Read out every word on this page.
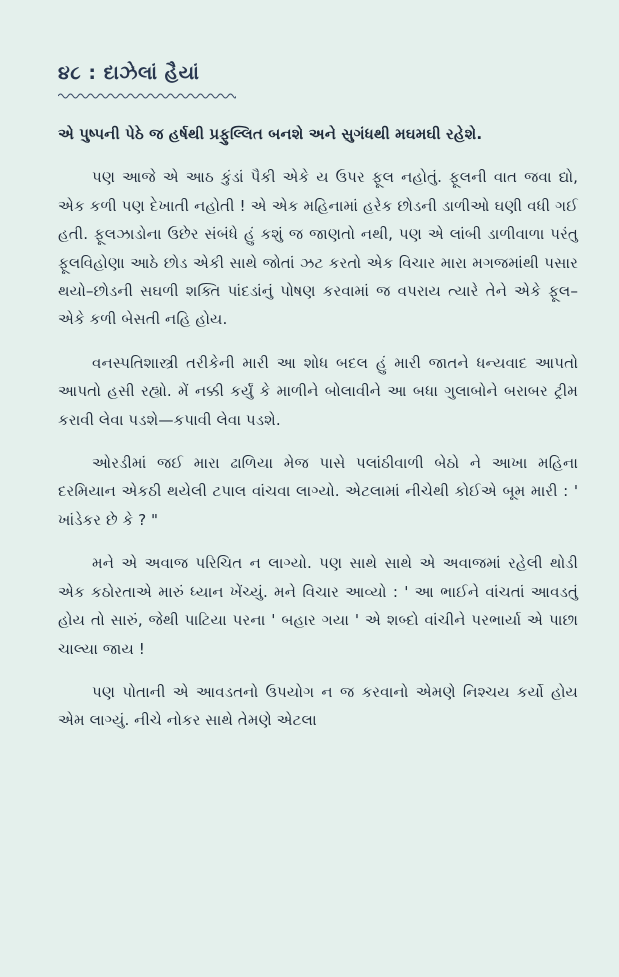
૪૮ : દાઝેલાં હૈયાં

એ પુષ્પની પેઠે જ હર્ષથી પ્રફુલ્લિત બનશે અને સુગંધથી મઘમઘી રહેશે.

પણ આજે એ આઠ કુંડાં પૈકી એકે ય ઉપર ફૂલ નહોતું. ફૂલની વાત જવા દ્યો, એક કળી પણ દેખાતી નહોતી ! એ એક મહિનામાં હરેક છોડની ડાળીઓ ઘણી વધી ગઈ હતી. ફૂલઝાડોના ઉછેર સંબંધે હું કશું જ જાણતો નથી, પણ એ લાંબી ડાળીવાળા પરંતુ ફૂલવિહોણા આઠે છોડ એકી સાથે જોતાં ઝટ કરતો એક વિચાર મારા મગજમાંથી પસાર થયો–છોડની સઘળી શક્તિ પાંદડાંનું પોષણ કરવામાં જ વપરાય ત્યારે તેને એકે ફૂલ–એકે કળી બેસતી નહિ હોય.

વનસ્પતિશાસ્ત્રી તરીકેની મારી આ શોધ બદલ હું મારી જાતને ધન્યવાદ આપતો આપતો હસી રહ્યો. મેં નક્કી કર્યું કે માળીને બોલાવીને આ બધા ગુલાબોને બરાબર ટ્રીમ કરાવી લેવા પડશે—કપાવી લેવા પડશે.

ઓરડીમાં જઈ મારા ઢાળિયા મેજ પાસે પલાંઠીવાળી બેઠો ને આખા મહિના દરમિયાન એકઠી થયેલી ટપાલ વાંચવા લાગ્યો. એટલામાં નીચેથી કોઈએ બૂમ મારી : ' ખાંડેકર છે કે ? "

મને એ અવાજ પરિચિત ન લાગ્યો. પણ સાથે સાથે એ અવાજમાં રહેલી થોડી એક કઠોરતાએ મારું ધ્યાન ખેંચ્યું. મને વિચાર આવ્યો : ' આ ભાઈને વાંચતાં આવડતું હોય તો સારું, જેથી પાટિયા પરના ' બહાર ગયા ' એ શબ્દો વાંચીને પરભાર્યા એ પાછા ચાલ્યા જાય !

પણ પોતાની એ આવડતનો ઉપયોગ ન જ કરવાનો એમણે નિશ્ચય કર્યો હોય એમ લાગ્યું. નીચે નોકર સાથે તેમણે એટલા
